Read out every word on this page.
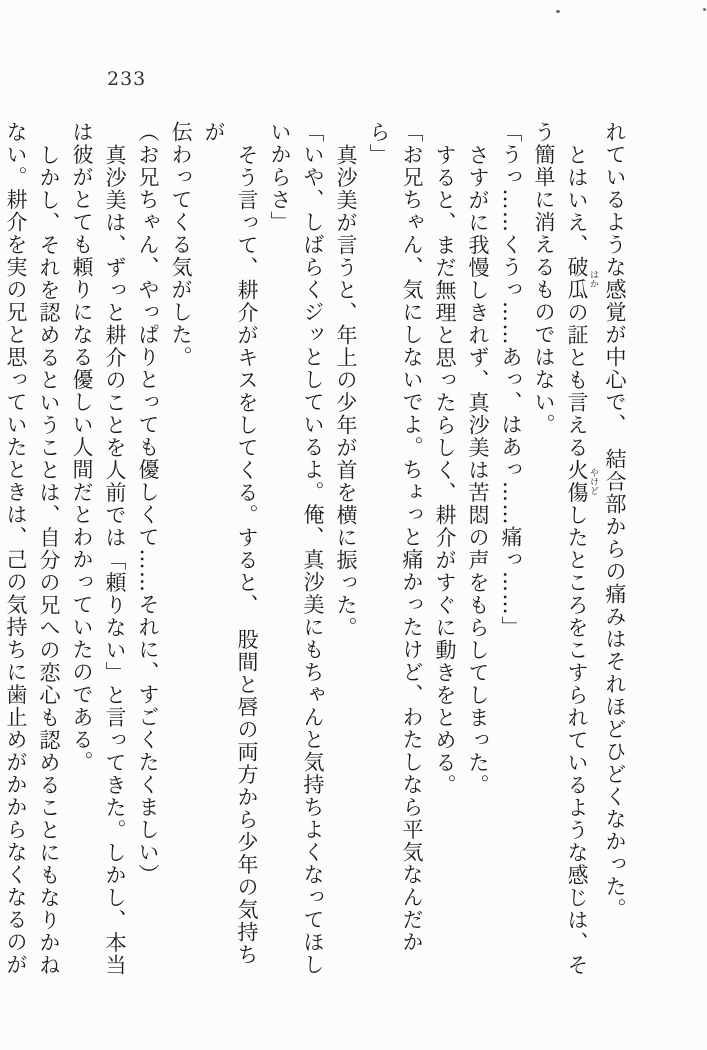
233

れているような感覚が中心で、　結合部からの痛みはそれほどひどくなかった。

とはいえ、破瓜 はかの証とも言える火傷 やけどしたところをこすられているような感じは、そ

う簡単に消えるものではない。

「うっ……くうっ……あっ、はあっ……痛っ……」

さすがに我慢しきれず、真沙美は苦悶の声をもらしてしまった。

すると、まだ無理と思ったらしく、耕介がすぐに動きをとめる。

「お兄ちゃん、気にしないでよ。ちょっと痛かったけど、わたしなら平気なんだから」

真沙美が言うと、年上の少年が首を横に振った。

「いや、しばらくジッとしているよ。俺、真沙美にもちゃんと気持ちよくなってほし

いからさ」

そう言って、耕介がキスをしてくる。すると、　股間と唇の両方から少年の気持ちが

伝わってくる気がした。

（お兄ちゃん、やっぱりとっても優しくて……それに、すごくたくましい）

真沙美は、ずっと耕介のことを人前では「頼りない」と言ってきた。しかし、本当

は彼がとても頼りになる優しい人間だとわかっていたのである。

しかし、それを認めるということは、自分の兄への恋心も認めることにもなりかね

ない。耕介を実の兄と思っていたときは、己の気持ちに歯止めがかからなくなるのが
